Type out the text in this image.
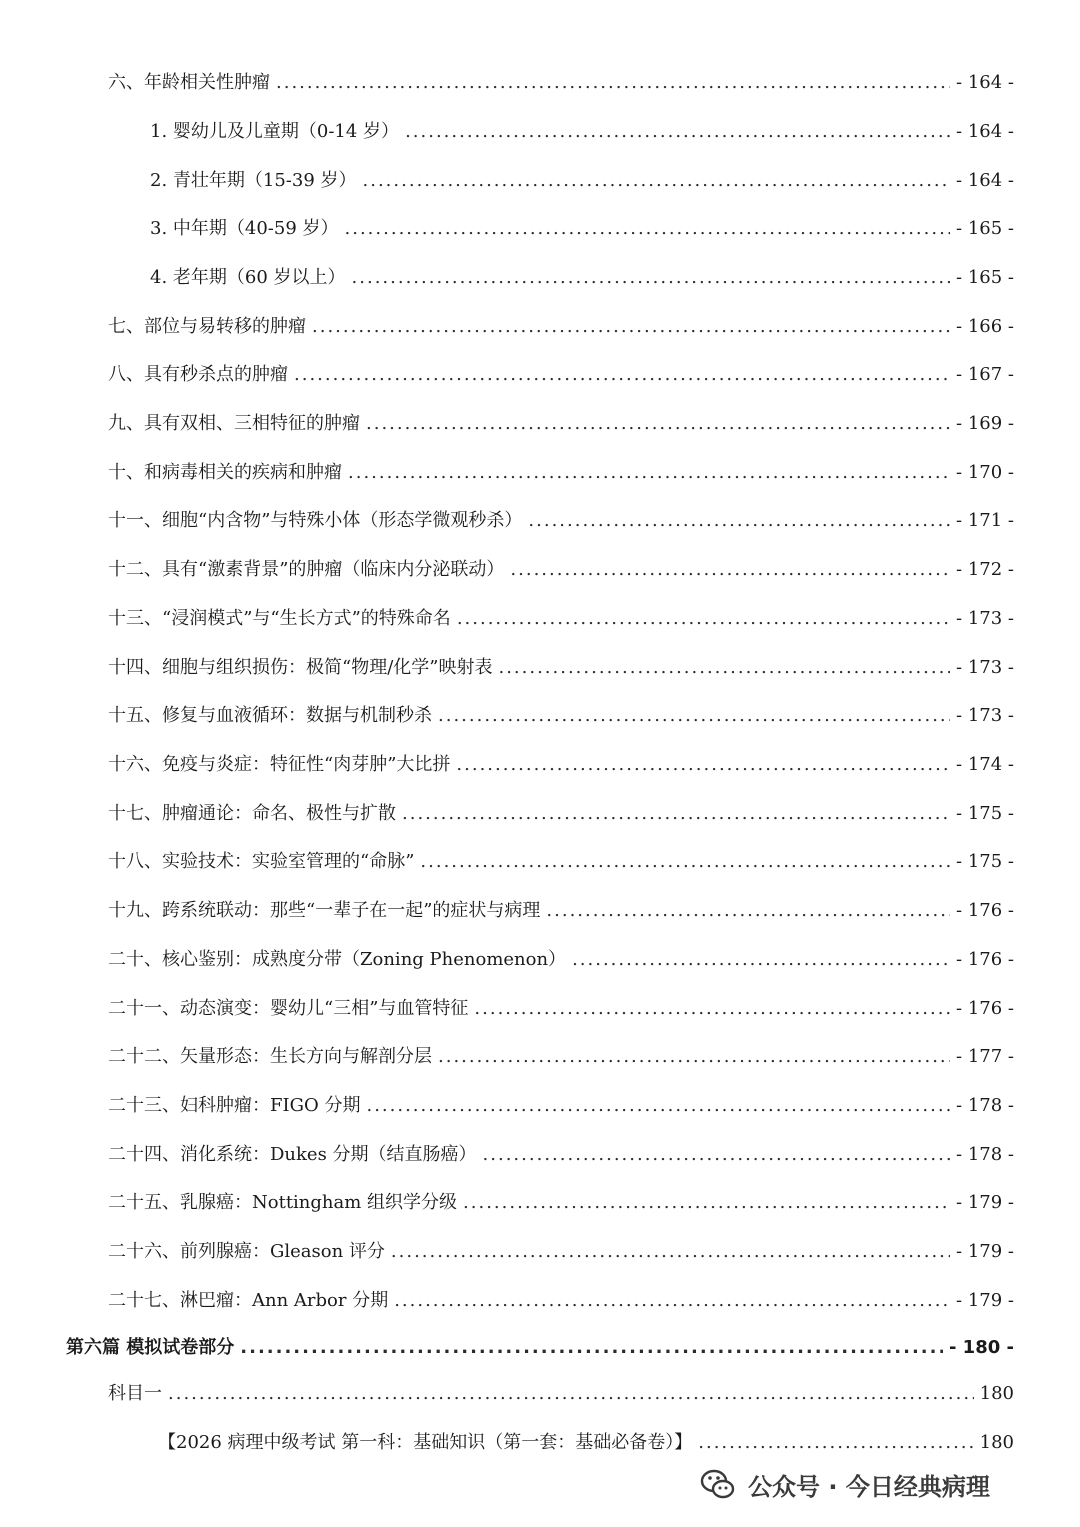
六、年龄相关性肿瘤 .....	- 164 -
1. 婴幼儿及儿童期（0-14 岁） .....	- 164 -
2. 青壮年期（15-39 岁） .....	- 164 -
3. 中年期（40-59 岁） .....	- 165 -
4. 老年期（60 岁以上） .....	- 165 -
七、部位与易转移的肿瘤 .....	- 166 -
八、具有秒杀点的肿瘤 .....	- 167 -
九、具有双相、三相特征的肿瘤 .....	- 169 -
十、和病毒相关的疾病和肿瘤 .....	- 170 -
十一、细胞“内含物”与特殊小体（形态学微观秒杀） .....	- 171 -
十二、具有“激素背景”的肿瘤（临床内分泌联动） .....	- 172 -
十三、“浸润模式”与“生长方式”的特殊命名 .....	- 173 -
十四、细胞与组织损伤：极简“物理/化学”映射表 .....	- 173 -
十五、修复与血液循环：数据与机制秒杀 .....	- 173 -
十六、免疫与炎症：特征性“肉芽肿”大比拼 .....	- 174 -
十七、肿瘤通论：命名、极性与扩散 .....	- 175 -
十八、实验技术：实验室管理的“命脉” .....	- 175 -
十九、跨系统联动：那些“一辈子在一起”的症状与病理 .....	- 176 -
二十、核心鉴别：成熟度分带（Zoning Phenomenon） .....	- 176 -
二十一、动态演变：婴幼儿“三相”与血管特征 .....	- 176 -
二十二、矢量形态：生长方向与解剖分层 .....	- 177 -
二十三、妇科肿瘤：FIGO 分期 .....	- 178 -
二十四、消化系统：Dukes 分期（结直肠癌） .....	- 178 -
二十五、乳腺癌：Nottingham 组织学分级 .....	- 179 -
二十六、前列腺癌：Gleason 评分 .....	- 179 -
二十七、淋巴瘤：Ann Arbor 分期 .....	- 179 -
第六篇 模拟试卷部分 .....	- 180 -
科目一 .....	180
【2026 病理中级考试 第一科：基础知识（第一套：基础必备卷）】 .....	180
公众号 · 今日经典病理
